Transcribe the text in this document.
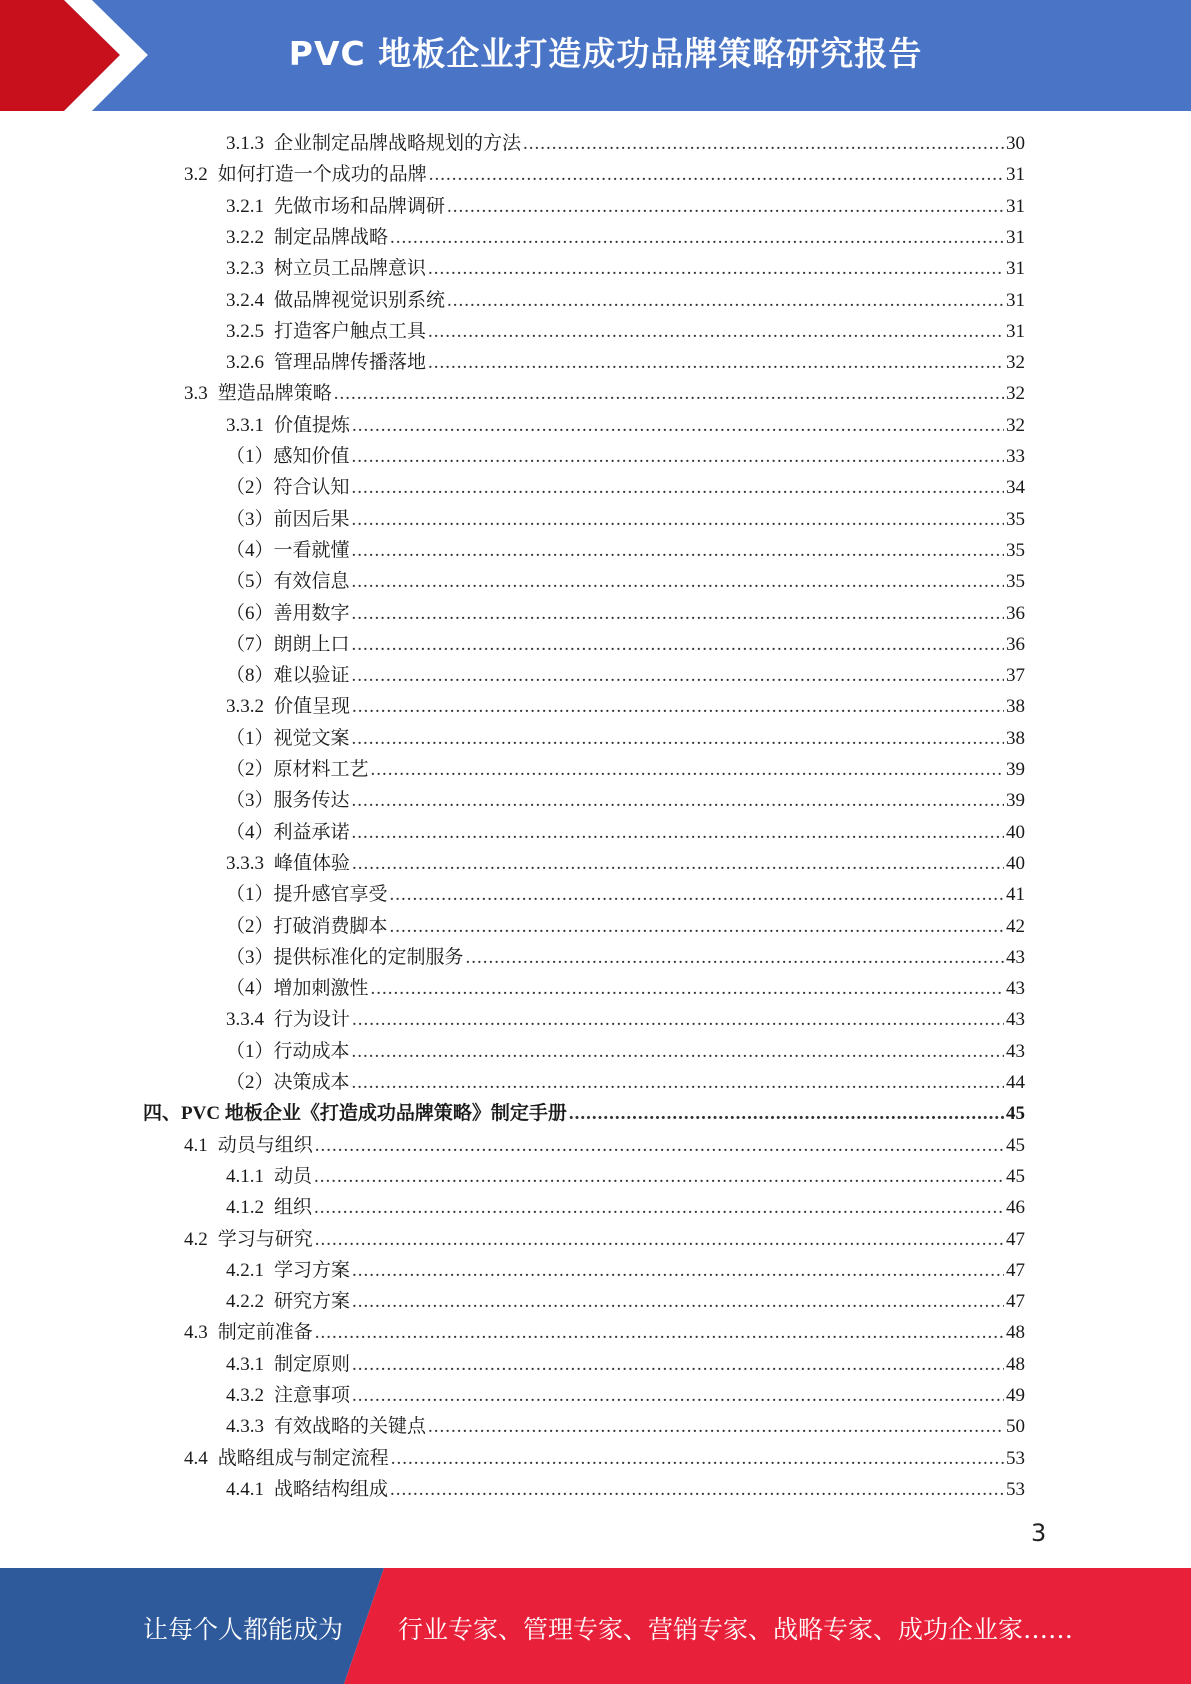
PVC 地板企业打造成功品牌策略研究报告
3.1.3 企业制定品牌战略规划的方法 .....	30
3.2 如何打造一个成功的品牌 .....	31
3.2.1 先做市场和品牌调研 .....	31
3.2.2 制定品牌战略 .....	31
3.2.3 树立员工品牌意识 .....	31
3.2.4 做品牌视觉识别系统 .....	31
3.2.5 打造客户触点工具 .....	31
3.2.6 管理品牌传播落地 .....	32
3.3 塑造品牌策略 .....	32
3.3.1 价值提炼 .....	32
（1） 感知价值 .....	33
（2） 符合认知 .....	34
（3） 前因后果 .....	35
（4） 一看就懂 .....	35
（5） 有效信息 .....	35
（6） 善用数字 .....	36
（7） 朗朗上口 .....	36
（8） 难以验证 .....	37
3.3.2 价值呈现 .....	38
（1） 视觉文案 .....	38
（2） 原材料工艺 .....	39
（3） 服务传达 .....	39
（4） 利益承诺 .....	40
3.3.3 峰值体验 .....	40
（1） 提升感官享受 .....	41
（2） 打破消费脚本 .....	42
（3） 提供标准化的定制服务 .....	43
（4） 增加刺激性 .....	43
3.3.4 行为设计 .....	43
（1） 行动成本 .....	43
（2） 决策成本 .....	44
四、 PVC 地板企业《打造成功品牌策略》制定手册 .....	45
4.1 动员与组织 .....	45
4.1.1 动员 .....	45
4.1.2 组织 .....	46
4.2 学习与研究 .....	47
4.2.1 学习方案 .....	47
4.2.2 研究方案 .....	47
4.3 制定前准备 .....	48
4.3.1 制定原则 .....	48
4.3.2 注意事项 .....	49
4.3.3 有效战略的关键点 .....	50
4.4 战略组成与制定流程 .....	53
4.4.1 战略结构组成 .....	53
3
让每个人都能成为 行业专家、管理专家、营销专家、战略专家、成功企业家……
